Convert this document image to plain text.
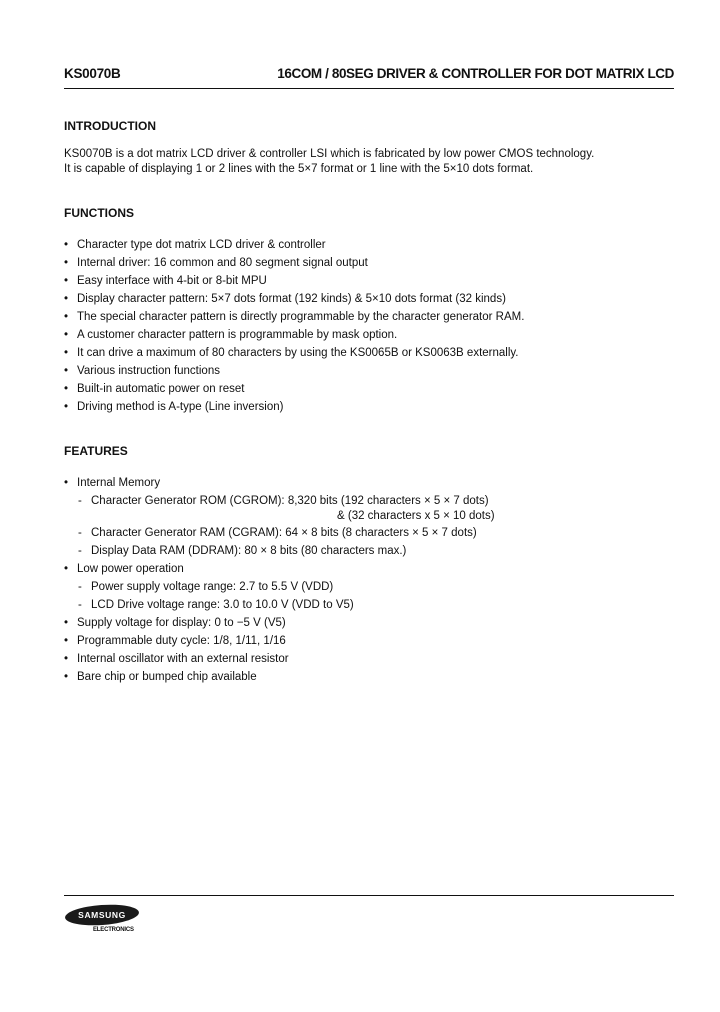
KS0070B	16COM / 80SEG DRIVER & CONTROLLER FOR DOT MATRIX LCD
INTRODUCTION
KS0070B is a dot matrix LCD driver & controller LSI which is fabricated by low power CMOS technology.
It is capable of displaying 1 or 2 lines with the 5×7 format or 1 line with the 5×10 dots format.
FUNCTIONS
• Character type dot matrix LCD driver & controller
• Internal driver: 16 common and 80 segment signal output
• Easy interface with 4-bit or 8-bit MPU
• Display character pattern: 5×7 dots format (192 kinds) & 5×10 dots format (32 kinds)
• The special character pattern is directly programmable by the character generator RAM.
• A customer character pattern is programmable by mask option.
• It can drive a maximum of 80 characters by using the KS0065B or KS0063B externally.
• Various instruction functions
• Built-in automatic power on reset
• Driving method is A-type (Line inversion)
FEATURES
• Internal Memory
- Character Generator ROM (CGROM): 8,320 bits (192 characters × 5 × 7 dots)
& (32 characters x 5 × 10 dots)
- Character Generator RAM (CGRAM): 64 × 8 bits (8 characters × 5 × 7 dots)
- Display Data RAM (DDRAM): 80 × 8 bits (80 characters max.)
• Low power operation
- Power supply voltage range: 2.7 to 5.5 V (VDD)
- LCD Drive voltage range: 3.0 to 10.0 V (VDD to V5)
• Supply voltage for display: 0 to −5 V (V5)
• Programmable duty cycle: 1/8, 1/11, 1/16
• Internal oscillator with an external resistor
• Bare chip or bumped chip available
SAMSUNG
ELECTRONICS
